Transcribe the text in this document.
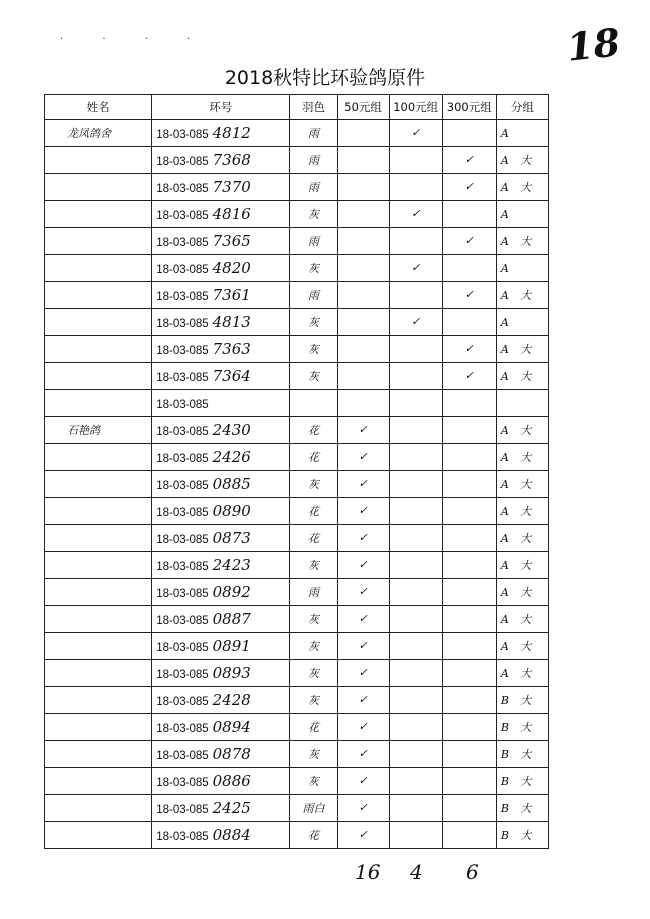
18
· · · ·
2018秋特比环验鸽原件
姓名	环号	羽色	50元组	100元组	300元组	分组
龙凤鸽舍	18-03-085 4812	雨		✓		A
	18-03-085 7368	雨			✓	A 大
	18-03-085 7370	雨			✓	A 大
	18-03-085 4816	灰		✓		A
	18-03-085 7365	雨			✓	A 大
	18-03-085 4820	灰		✓		A
	18-03-085 7361	雨			✓	A 大
	18-03-085 4813	灰		✓		A
	18-03-085 7363	灰			✓	A 大
	18-03-085 7364	灰			✓	A 大
	18-03-085					
石艳鸽	18-03-085 2430	花	✓			A 大
	18-03-085 2426	花	✓			A 大
	18-03-085 0885	灰	✓			A 大
	18-03-085 0890	花	✓			A 大
	18-03-085 0873	花	✓			A 大
	18-03-085 2423	灰	✓			A 大
	18-03-085 0892	雨	✓			A 大
	18-03-085 0887	灰	✓			A 大
	18-03-085 0891	灰	✓			A 大
	18-03-085 0893	灰	✓			A 大
	18-03-085 2428	灰	✓			B 大
	18-03-085 0894	花	✓			B 大
	18-03-085 0878	灰	✓			B 大
	18-03-085 0886	灰	✓			B 大
	18-03-085 2425	雨白	✓			B 大
	18-03-085 0884	花	✓			B 大
16 4 6
